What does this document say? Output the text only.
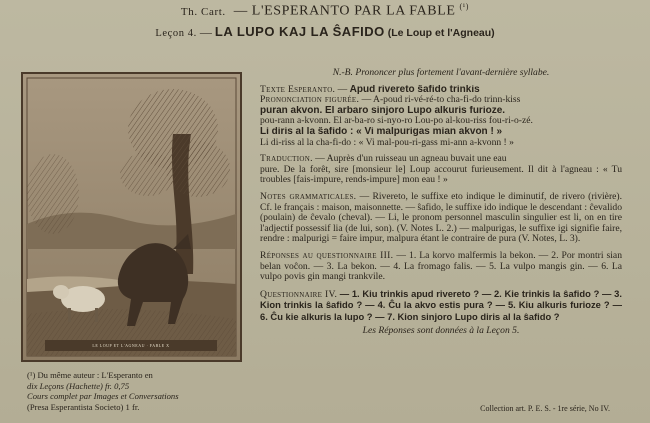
Th. Cart. — L'ESPERANTO PAR LA FABLE $^{(^1)}$
Leçon 4. — LA LUPO KAJ LA ŜAFIDO (Le Loup et l'Agneau)
LE LOUP ET L'AGNEAU · FABLE X
(¹) Du même auteur : L'Esperanto en
dix Leçons (Hachette) fr. 0,75
Cours complet par Images et Conversations
(Presa Esperantista Societo) 1 fr.
N.-B. Prononcer plus fortement l'avant-dernière syllabe.
Texte Esperanto. — Apud rivereto ŝafido trinkis
Prononciation figurée. — A-poud ri-vé-ré-to cha-fi-do trinn-kiss
puran akvon. El arbaro sinjoro Lupo alkuris furioze.
pou-rann a-kvonn. El ar-ba-ro si-nyo-ro Lou-po al-kou-riss fou-ri-o-zé.
Li diris al la ŝafido : « Vi malpurigas mian akvon ! »
Li di-riss al la cha-fi-do : « Vi mal-pou-ri-gass mi-ann a-kvonn ! »
Traduction. — Auprès d'un ruisseau un agneau buvait une eau
pure. De la forêt, sire [monsieur le] Loup accourut furieusement. Il dit à l'agneau : « Tu troubles [fais-impure, rends-impure] mon eau ! »
Notes grammaticales. — Rivereto, le suffixe eto indique le diminutif, de rivero (rivière). Cf. le français : maison, maisonnette. — ŝafido, le suffixe ido indique le descendant : ĉevalido (poulain) de ĉevalo (cheval). — Li, le pronom personnel masculin singulier est li, on en tire l'adjectif possessif lia (de lui, son). (V. Notes L. 2.) — malpurigas, le suffixe igi signifie faire, rendre : malpurigi = faire impur, malpura étant le contraire de pura (V. Notes, L. 3).
Réponses au questionnaire III. — 1. La korvo malfermis la bekon. — 2. Por montri sian belan voĉon. — 3. La bekon. — 4. La fromago falis. — 5. La vulpo mangis gin. — 6. La vulpo povis gin mangi trankvile.
Questionnaire IV. — 1. Kiu trinkis apud rivereto ? — 2. Kie trinkis la ŝafido ? — 3. Kion trinkis la ŝafido ? — 4. Ĉu la akvo estis pura ? — 5. Kiu alkuris furioze ? — 6. Ĉu kie alkuris la lupo ? — 7. Kion sinjoro Lupo diris al la ŝafido ?
Les Réponses sont données à la Leçon 5.
Collection art. P. E. S. - 1re série, No IV.
